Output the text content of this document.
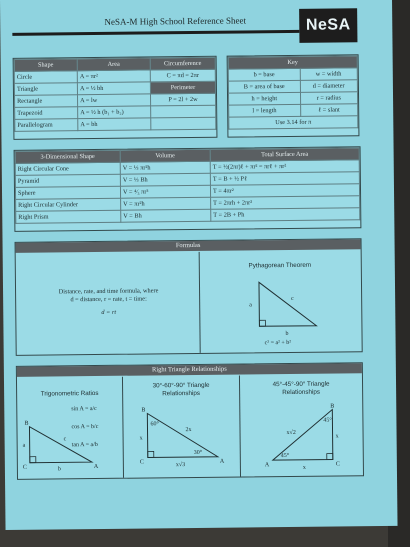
NeSA-M High School Reference Sheet	NeSA
Shape	Area	Circumference
Circle	A = πr²	C = πd = 2πr
Triangle	A = ½ bh	Perimeter
Rectangle	A = lw	P = 2l + 2w
Trapezoid	A = ½ h (b₁ + b₂)	
Parallelogram	A = bh	
Key	
b = base	w = width
B = area of base	d = diameter
h = height	r = radius
l = length	ℓ = slant
Use 3.14 for π	
3-Dimensional Shape	Volume	Total Surface Area
Right Circular Cone	V = ⅓ πr²h	T = ½(2πr)ℓ + πr² = πrℓ + πr²
Pyramid	V = ⅓ Bh	T = B + ½ Pℓ
Sphere	V = ⁴⁄₃ πr³	T = 4πr²
Right Circular Cylinder	V = πr²h	T = 2πrh + 2πr²
Right Prism	V = Bh	T = 2B + Ph
Formulas
Distance, rate, and time formula, where
d = distance, r = rate, t = time:
d = rt
Pythagorean Theorem
a
c
b
c² = a² + b²
Right Triangle Relationships
Trigonometric Ratios
sin A = a/c
cos A = b/c
tan A = a/b
B
C	A
a
b
c
30°-60°-90° Triangle
Relationships
B
C	A
60°
30°
2x
x
x√3
45°-45°-90° Triangle
Relationships
B
C
A
45°
45°
x√2
x
x
